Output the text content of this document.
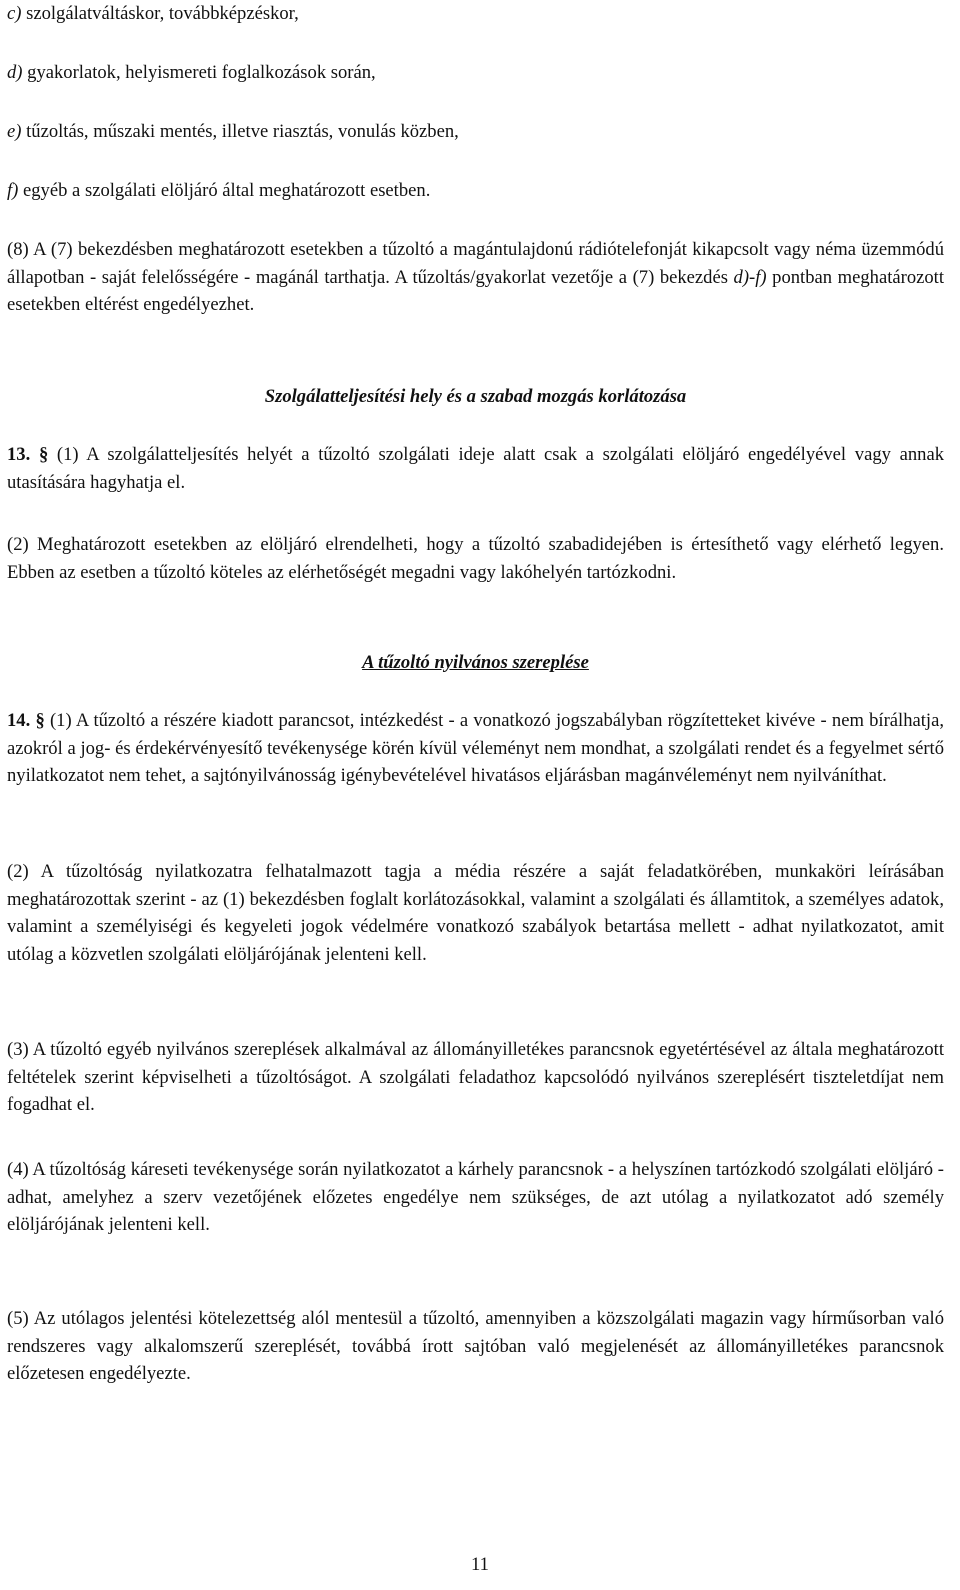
c) szolgálatváltáskor, továbbképzéskor,

d) gyakorlatok, helyismereti foglalkozások során,

e) tűzoltás, műszaki mentés, illetve riasztás, vonulás közben,

f) egyéb a szolgálati elöljáró által meghatározott esetben.

(8) A (7) bekezdésben meghatározott esetekben a tűzoltó a magántulajdonú rádiótelefonját kikapcsolt vagy néma üzemmódú állapotban - saját felelősségére - magánál tarthatja. A tűzoltás/gyakorlat vezetője a (7) bekezdés d)-f) pontban meghatározott esetekben eltérést engedélyezhet.

Szolgálatteljesítési hely és a szabad mozgás korlátozása

13. § (1) A szolgálatteljesítés helyét a tűzoltó szolgálati ideje alatt csak a szolgálati elöljáró engedélyével vagy annak utasítására hagyhatja el.

(2) Meghatározott esetekben az elöljáró elrendelheti, hogy a tűzoltó szabadidejében is értesíthető vagy elérhető legyen. Ebben az esetben a tűzoltó köteles az elérhetőségét megadni vagy lakóhelyén tartózkodni.

A tűzoltó nyilvános szereplése

14. § (1) A tűzoltó a részére kiadott parancsot, intézkedést - a vonatkozó jogszabályban rögzítetteket kivéve - nem bírálhatja, azokról a jog- és érdekérvényesítő tevékenysége körén kívül véleményt nem mondhat, a szolgálati rendet és a fegyelmet sértő nyilatkozatot nem tehet, a sajtónyilvánosság igénybevételével hivatásos eljárásban magánvéleményt nem nyilváníthat.

(2) A tűzoltóság nyilatkozatra felhatalmazott tagja a média részére a saját feladatkörében, munkaköri leírásában meghatározottak szerint - az (1) bekezdésben foglalt korlátozásokkal, valamint a szolgálati és államtitok, a személyes adatok, valamint a személyiségi és kegyeleti jogok védelmére vonatkozó szabályok betartása mellett - adhat nyilatkozatot, amit utólag a közvetlen szolgálati elöljárójának jelenteni kell.

(3) A tűzoltó egyéb nyilvános szereplések alkalmával az állományilletékes parancsnok egyetértésével az általa meghatározott feltételek szerint képviselheti a tűzoltóságot. A szolgálati feladathoz kapcsolódó nyilvános szereplésért tiszteletdíjat nem fogadhat el.

(4) A tűzoltóság káreseti tevékenysége során nyilatkozatot a kárhely parancsnok - a helyszínen tartózkodó szolgálati elöljáró - adhat, amelyhez a szerv vezetőjének előzetes engedélye nem szükséges, de azt utólag a nyilatkozatot adó személy elöljárójának jelenteni kell.

(5) Az utólagos jelentési kötelezettség alól mentesül a tűzoltó, amennyiben a közszolgálati magazin vagy hírműsorban való rendszeres vagy alkalomszerű szereplését, továbbá írott sajtóban való megjelenését az állományilletékes parancsnok előzetesen engedélyezte.

11
